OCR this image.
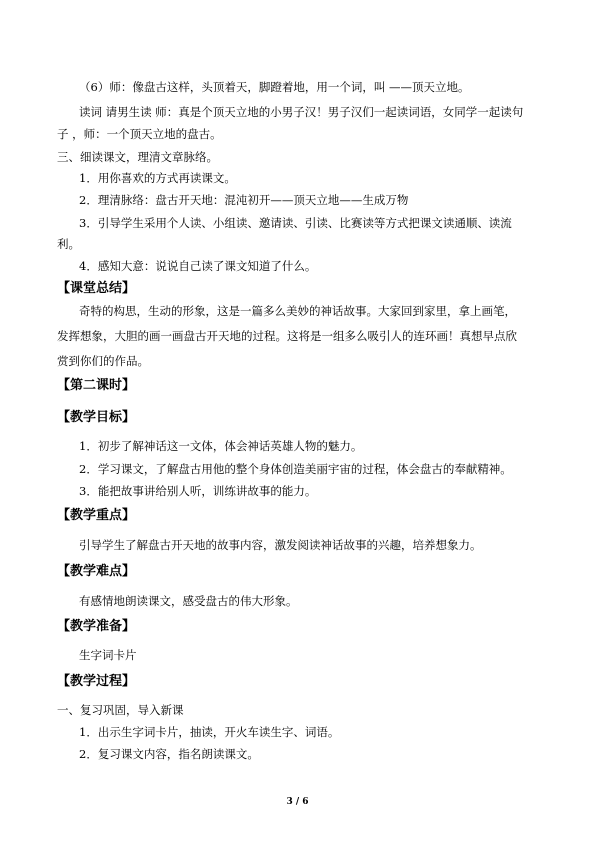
（6）师：像盘古这样，头顶着天，脚蹬着地，用一个词，叫 ——顶天立地。
读词 请男生读 师：真是个顶天立地的小男子汉！男子汉们一起读词语，女同学一起读句
子 ，师：一个顶天立地的盘古。
三、细读课文，理清文章脉络。
1．用你喜欢的方式再读课文。
2．理清脉络：盘古开天地：混沌初开——顶天立地——生成万物
3．引导学生采用个人读、小组读、邀请读、引读、比赛读等方式把课文读通顺、读流
利。
4．感知大意：说说自己读了课文知道了什么。
【课堂总结】
奇特的构思，生动的形象，这是一篇多么美妙的神话故事。大家回到家里，拿上画笔，
发挥想象，大胆的画一画盘古开天地的过程。这将是一组多么吸引人的连环画！真想早点欣
赏到你们的作品。
【第二课时】
【教学目标】
1．初步了解神话这一文体，体会神话英雄人物的魅力。
2．学习课文，了解盘古用他的整个身体创造美丽宇宙的过程，体会盘古的奉献精神。
3．能把故事讲给别人听，训练讲故事的能力。
【教学重点】
引导学生了解盘古开天地的故事内容，激发阅读神话故事的兴趣，培养想象力。
【教学难点】
有感情地朗读课文，感受盘古的伟大形象。
【教学准备】
生字词卡片
【教学过程】
一、复习巩固，导入新课
1．出示生字词卡片，抽读，开火车读生字、词语。
2．复习课文内容，指名朗读课文。
3 / 6
